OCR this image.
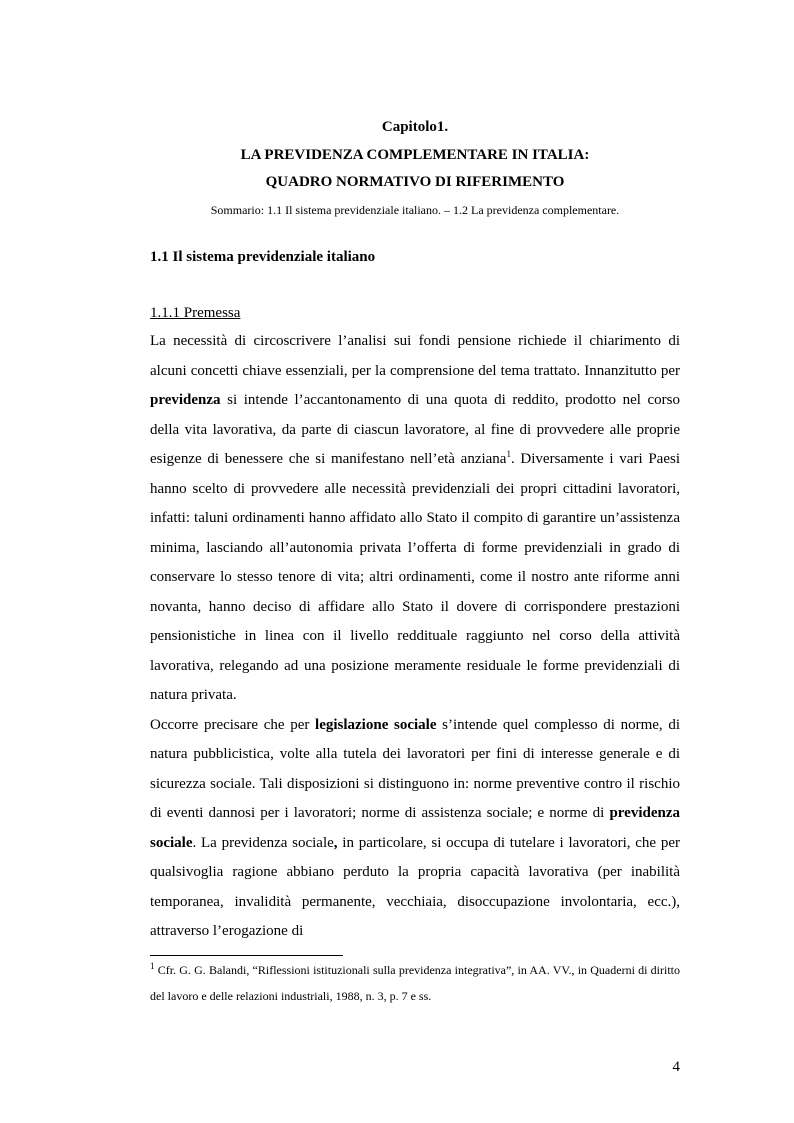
Capitolo1.
LA PREVIDENZA COMPLEMENTARE IN ITALIA:
QUADRO NORMATIVO DI RIFERIMENTO
Sommario: 1.1 Il sistema previdenziale italiano. – 1.2 La previdenza complementare.
1.1 Il sistema previdenziale italiano
1.1.1 Premessa

La necessità di circoscrivere l’analisi sui fondi pensione richiede il chiarimento di alcuni concetti chiave essenziali, per la comprensione del tema trattato. Innanzitutto per previdenza si intende l’accantonamento di una quota di reddito, prodotto nel corso della vita lavorativa, da parte di ciascun lavoratore, al fine di provvedere alle proprie esigenze di benessere che si manifestano nell’età anziana$^1$. Diversamente i vari Paesi hanno scelto di provvedere alle necessità previdenziali dei propri cittadini lavoratori, infatti: taluni ordinamenti hanno affidato allo Stato il compito di garantire un’assistenza minima, lasciando all’autonomia privata l’offerta di forme previdenziali in grado di conservare lo stesso tenore di vita; altri ordinamenti, come il nostro ante riforme anni novanta, hanno deciso di affidare allo Stato il dovere di corrispondere prestazioni pensionistiche in linea con il livello reddituale raggiunto nel corso della attività lavorativa, relegando ad una posizione meramente residuale le forme previdenziali di natura privata.

Occorre precisare che per legislazione sociale s’intende quel complesso di norme, di natura pubblicistica, volte alla tutela dei lavoratori per fini di interesse generale e di sicurezza sociale. Tali disposizioni si distinguono in: norme preventive contro il rischio di eventi dannosi per i lavoratori; norme di assistenza sociale; e norme di previdenza sociale. La previdenza sociale, in particolare, si occupa di tutelare i lavoratori, che per qualsivoglia ragione abbiano perduto la propria capacità lavorativa (per inabilità temporanea, invalidità permanente, vecchiaia, disoccupazione involontaria, ecc.), attraverso l’erogazione di

$^1$ Cfr. G. G. Balandi, “Riflessioni istituzionali sulla previdenza integrativa”, in AA. VV., in Quaderni di diritto del lavoro e delle relazioni industriali, 1988, n. 3, p. 7 e ss.
4
